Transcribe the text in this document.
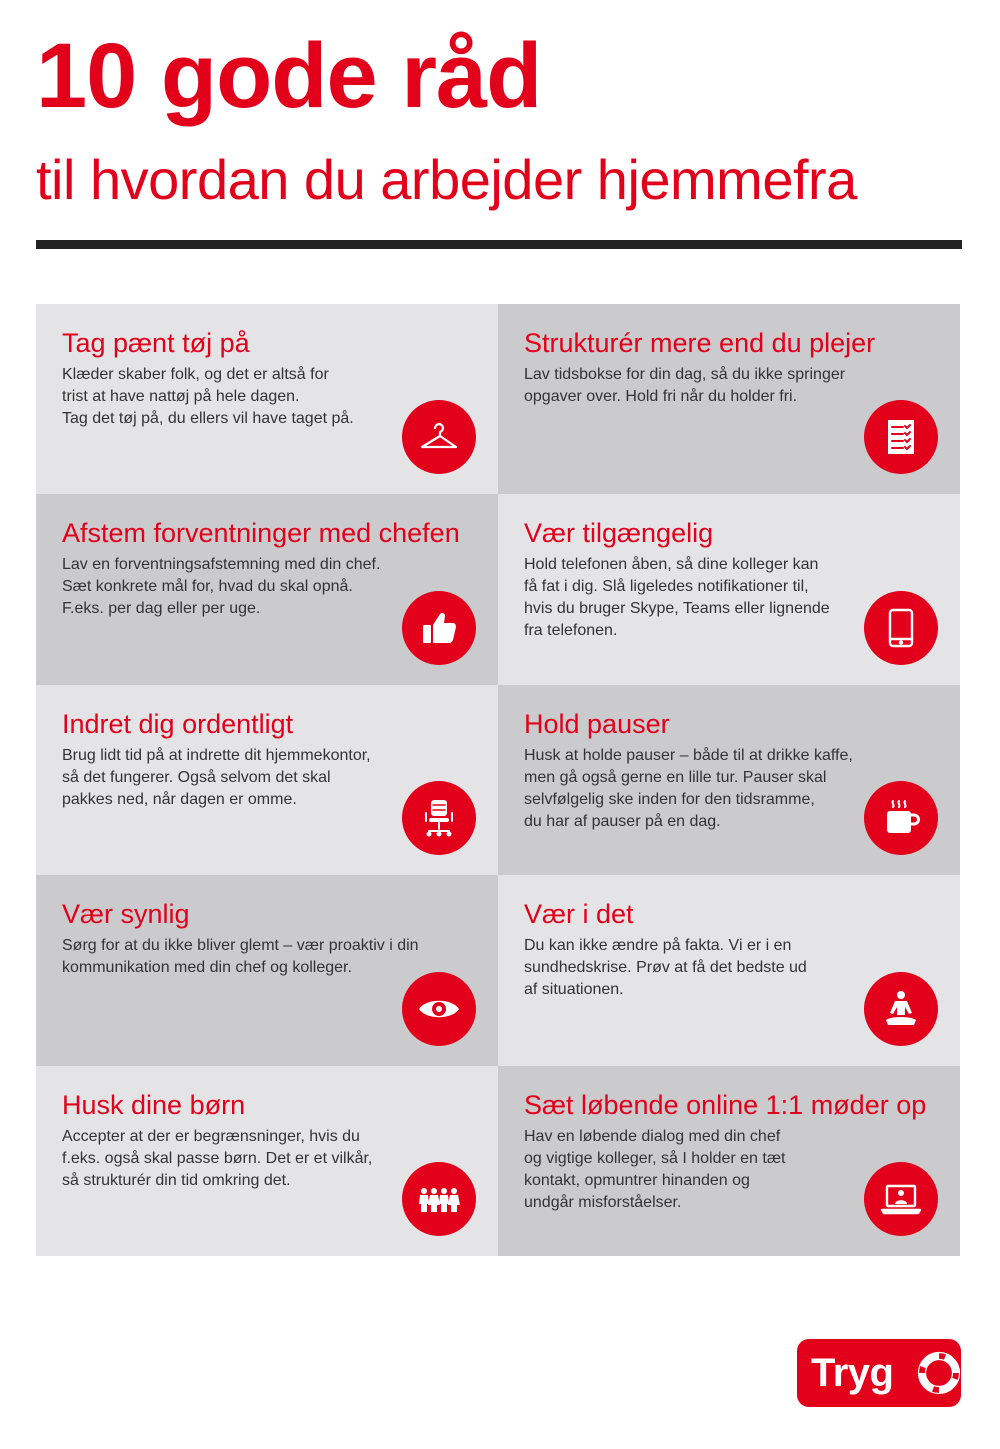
10 gode råd
til hvordan du arbejder hjemmefra
Tag pænt tøj på

Klæder skaber folk, og det er altså for
trist at have nattøj på hele dagen.
Tag det tøj på, du ellers vil have taget på.

Strukturér mere end du plejer

Lav tidsbokse for din dag, så du ikke springer
opgaver over. Hold fri når du holder fri.

Afstem forventninger med chefen

Lav en forventningsafstemning med din chef.
Sæt konkrete mål for, hvad du skal opnå.
F.eks. per dag eller per uge.

Vær tilgængelig

Hold telefonen åben, så dine kolleger kan
få fat i dig. Slå ligeledes notifikationer til,
hvis du bruger Skype, Teams eller lignende
fra telefonen.

Indret dig ordentligt

Brug lidt tid på at indrette dit hjemmekontor,
så det fungerer. Også selvom det skal
pakkes ned, når dagen er omme.

Hold pauser

Husk at holde pauser – både til at drikke kaffe,
men gå også gerne en lille tur. Pauser skal
selvfølgelig ske inden for den tidsramme,
du har af pauser på en dag.

Vær synlig

Sørg for at du ikke bliver glemt – vær proaktiv i din
kommunikation med din chef og kolleger.

Vær i det

Du kan ikke ændre på fakta. Vi er i en
sundhedskrise. Prøv at få det bedste ud
af situationen.

Husk dine børn

Accepter at der er begrænsninger, hvis du
f.eks. også skal passe børn. Det er et vilkår,
så strukturér din tid omkring det.

Sæt løbende online 1:1 møder op

Hav en løbende dialog med din chef
og vigtige kolleger, så I holder en tæt
kontakt, opmuntrer hinanden og
undgår misforståelser.

Tryg
